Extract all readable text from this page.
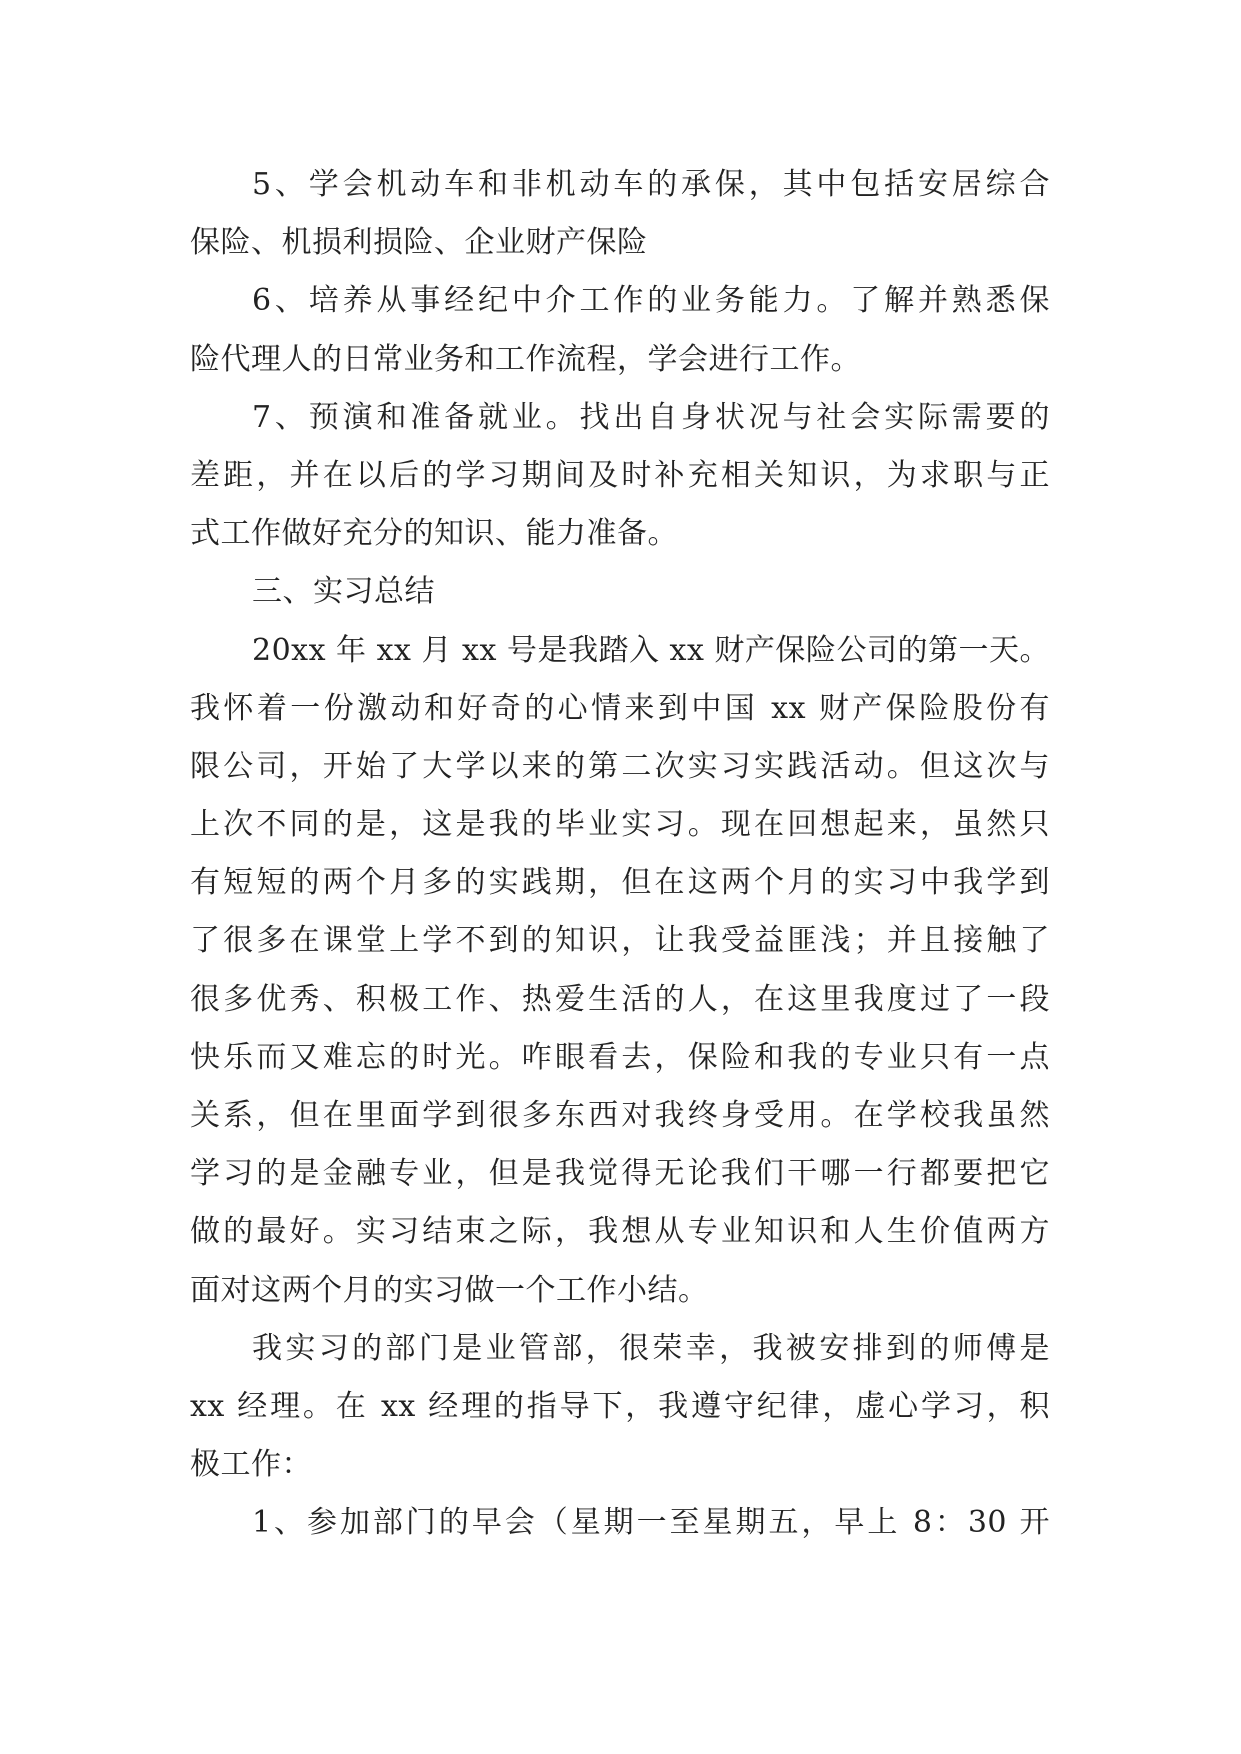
5、学会机动车和非机动车的承保，其中包括安居综合
保险、机损利损险、企业财产保险
6、培养从事经纪中介工作的业务能力。了解并熟悉保
险代理人的日常业务和工作流程，学会进行工作。
7、预演和准备就业。找出自身状况与社会实际需要的
差距，并在以后的学习期间及时补充相关知识，为求职与正
式工作做好充分的知识、能力准备。
三、实习总结
20xx 年 xx 月 xx 号是我踏入 xx 财产保险公司的第一天。
我怀着一份激动和好奇的心情来到中国 xx 财产保险股份有
限公司，开始了大学以来的第二次实习实践活动。但这次与
上次不同的是，这是我的毕业实习。现在回想起来，虽然只
有短短的两个月多的实践期，但在这两个月的实习中我学到
了很多在课堂上学不到的知识，让我受益匪浅；并且接触了
很多优秀、积极工作、热爱生活的人，在这里我度过了一段
快乐而又难忘的时光。咋眼看去，保险和我的专业只有一点
关系，但在里面学到很多东西对我终身受用。在学校我虽然
学习的是金融专业，但是我觉得无论我们干哪一行都要把它
做的最好。实习结束之际，我想从专业知识和人生价值两方
面对这两个月的实习做一个工作小结。
我实习的部门是业管部，很荣幸，我被安排到的师傅是
xx 经理。在 xx 经理的指导下，我遵守纪律，虚心学习，积
极工作：
1、参加部门的早会（星期一至星期五，早上 8：30 开
